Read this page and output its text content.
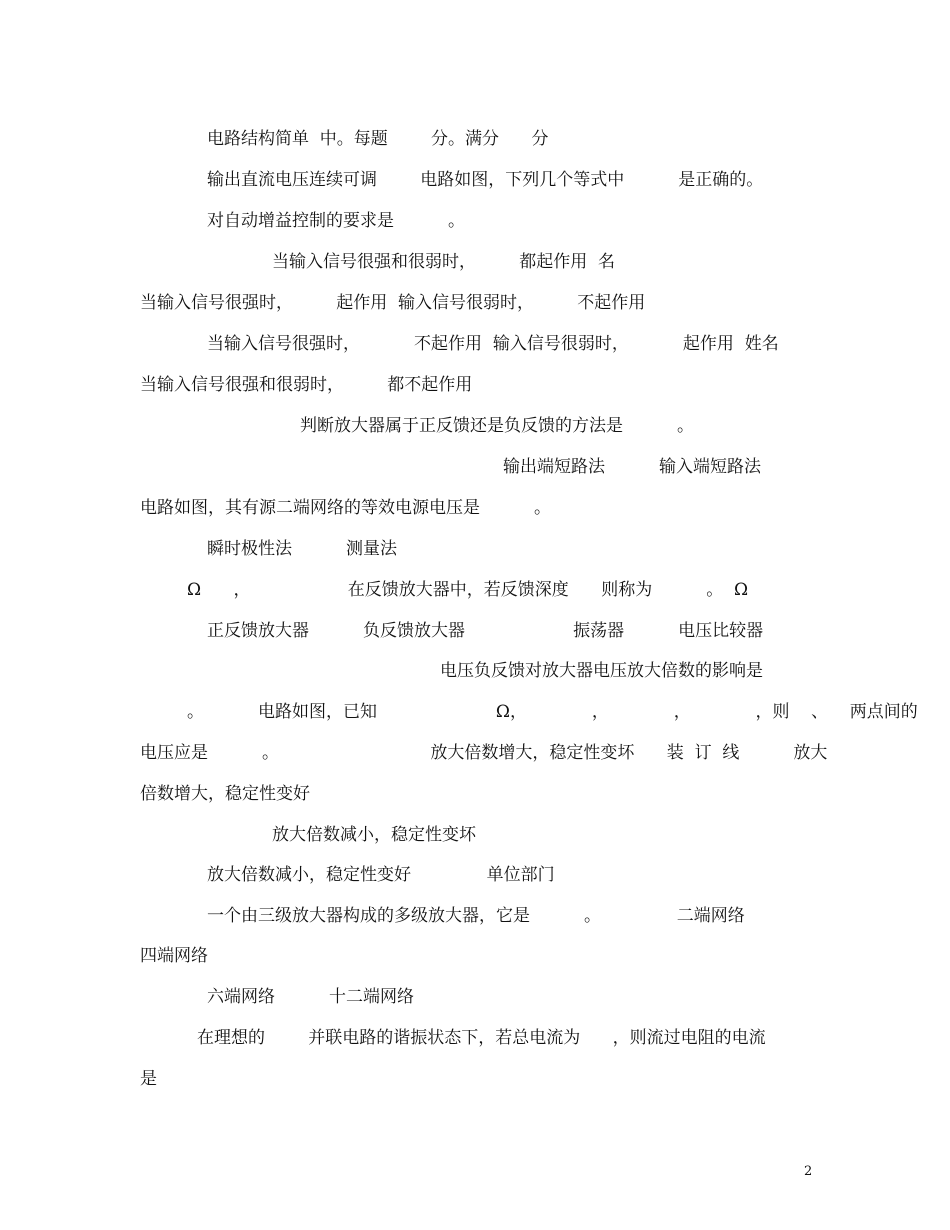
电路结构简单  中。每题        分。满分      分
输出直流电压连续可调        电路如图，下列几个等式中          是正确的。
对自动增益控制的要求是          。
当输入信号很强和很弱时，        都起作用  名
当输入信号很强时，        起作用  输入信号很弱时，        不起作用
当输入信号很强时，          不起作用  输入信号很弱时，          起作用  姓名
当输入信号很强和很弱时，        都不起作用
判断放大器属于正反馈还是负反馈的方法是          。
输出端短路法          输入端短路法
电路如图，其有源二端网络的等效电源电压是          。
瞬时极性法          测量法
Ω      ，                  在反馈放大器中，若反馈深度      则称为          。  Ω
正反馈放大器          负反馈放大器                    振荡器          电压比较器
电压负反馈对放大器电压放大倍数的影响是
。          电路如图，已知                      Ω，            ，            ，            ，则    、    两点间的
电压应是          。                            放大倍数增大，稳定性变坏      装  订  线          放大
倍数增大，稳定性变好
放大倍数减小，稳定性变坏
放大倍数减小，稳定性变好              单位部门
一个由三级放大器构成的多级放大器，它是          。              二端网络
四端网络
六端网络          十二端网络
在理想的        并联电路的谐振状态下，若总电流为      ，则流过电阻的电流
是
2
